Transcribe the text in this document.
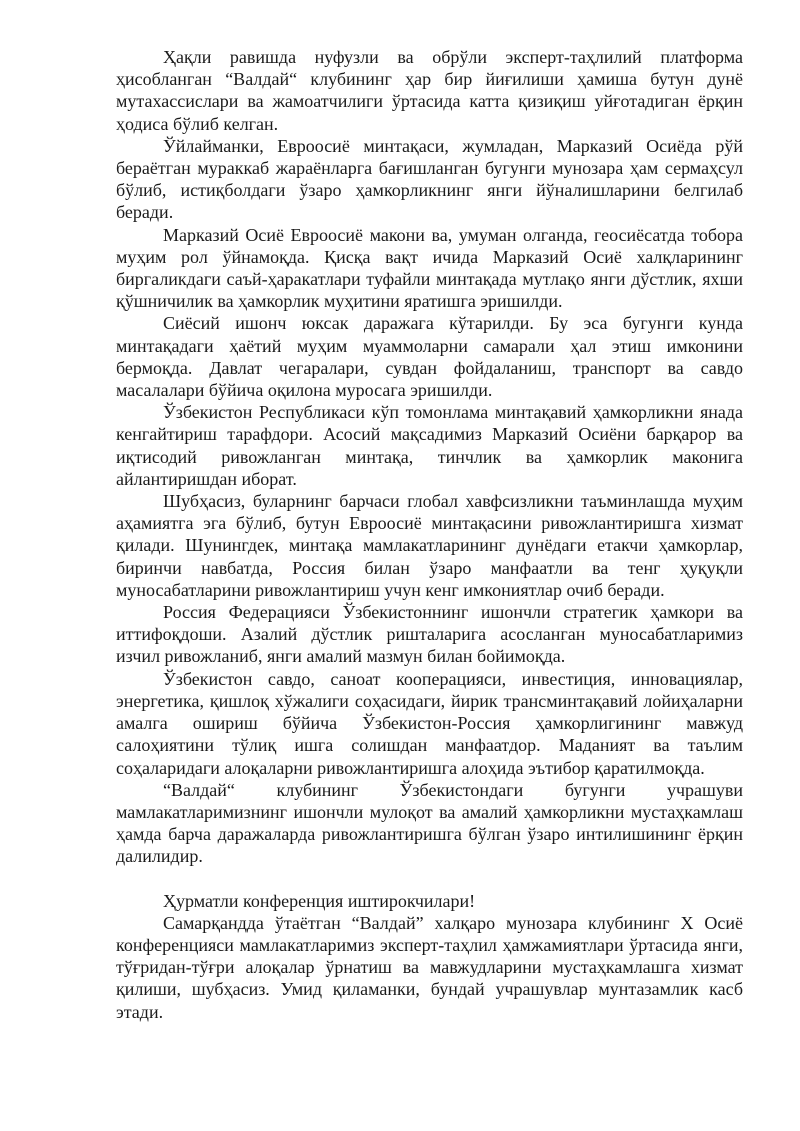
Ҳақли равишда нуфузли ва обрўли эксперт-таҳлилий платформа ҳисобланган “Валдай“ клубининг ҳар бир йиғилиши ҳамиша бутун дунё мутахассислари ва жамоатчилиги ўртасида катта қизиқиш уйғотадиган ёрқин ҳодиса бўлиб келган.

Ўйлайманки, Евроосиё минтақаси, жумладан, Марказий Осиёда рўй бераётган мураккаб жараёнларга бағишланган бугунги мунозара ҳам сермаҳсул бўлиб, истиқболдаги ўзаро ҳамкорликнинг янги йўналишларини белгилаб беради.

Марказий Осиё Евроосиё макони ва, умуман олганда, геосиёсатда тобора муҳим рол ўйнамоқда. Қисқа вақт ичида Марказий Осиё халқларининг биргаликдаги саъй-ҳаракатлари туфайли минтақада мутлақо янги дўстлик, яхши қўшничилик ва ҳамкорлик муҳитини яратишга эришилди.

Сиёсий ишонч юксак даражага кўтарилди. Бу эса бугунги кунда минтақадаги ҳаётий муҳим муаммоларни самарали ҳал этиш имконини бермоқда. Давлат чегаралари, сувдан фойдаланиш, транспорт ва савдо масалалари бўйича оқилона муросага эришилди.

Ўзбекистон Республикаси кўп томонлама минтақавий ҳамкорликни янада кенгайтириш тарафдори. Асосий мақсадимиз Марказий Осиёни барқарор ва иқтисодий ривожланган минтақа, тинчлик ва ҳамкорлик маконига айлантиришдан иборат.

Шубҳасиз, буларнинг барчаси глобал хавфсизликни таъминлашда муҳим аҳамиятга эга бўлиб, бутун Евроосиё минтақасини ривожлантиришга хизмат қилади. Шунингдек, минтақа мамлакатларининг дунёдаги етакчи ҳамкорлар, биринчи навбатда, Россия билан ўзаро манфаатли ва тенг ҳуқуқли муносабатларини ривожлантириш учун кенг имкониятлар очиб беради.

Россия Федерацияси Ўзбекистоннинг ишончли стратегик ҳамкори ва иттифоқдоши. Азалий дўстлик ришталарига асосланган муносабатларимиз изчил ривожланиб, янги амалий мазмун билан бойимоқда.

Ўзбекистон савдо, саноат кооперацияси, инвестиция, инновациялар, энергетика, қишлоқ хўжалиги соҳасидаги, йирик трансминтақавий лойиҳаларни амалга ошириш бўйича Ўзбекистон-Россия ҳамкорлигининг мавжуд салоҳиятини тўлиқ ишга солишдан манфаатдор. Маданият ва таълим соҳаларидаги алоқаларни ривожлантиришга алоҳида эътибор қаратилмоқда.

“Валдай“ клубининг Ўзбекистондаги бугунги учрашуви мамлакатларимизнинг ишончли мулоқот ва амалий ҳамкорликни мустаҳкамлаш ҳамда барча даражаларда ривожлантиришга бўлган ўзаро интилишининг ёрқин далилидир.

Ҳурматли конференция иштирокчилари!

Самарқандда ўтаётган “Валдай” халқаро мунозара клубининг X Осиё конференцияси мамлакатларимиз эксперт-таҳлил ҳамжамиятлари ўртасида янги, тўғридан-тўғри алоқалар ўрнатиш ва мавжудларини мустаҳкамлашга хизмат қилиши, шубҳасиз. Умид қиламанки, бундай учрашувлар мунтазамлик касб этади.
